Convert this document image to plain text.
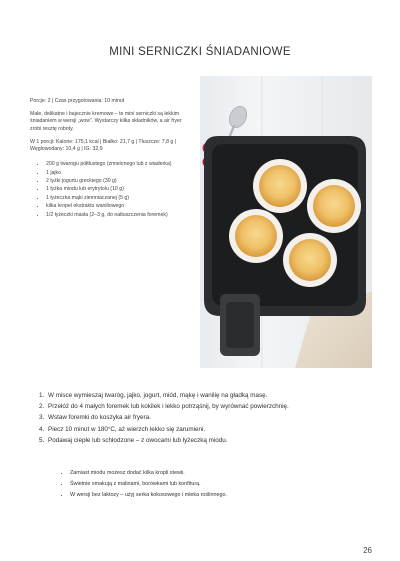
MINI SERNICZKI ŚNIADANIOWE

Porcje: 2 | Czas przygotowania: 10 minut

Małe, delikatne i bajecznie kremowe – te mini serniczki są lekkim śniadaniem w wersji „wow”. Wystarczy kilka składników, a air fryer zrobi resztę roboty.

W 1 porcji: Kalorie: 175,1 kcal | Białko: 21,7 g | Tłuszcze: 7,8 g | Węglowodany: 10,4 g | IG: 32,9

• 200 g twarogu półtłustego (zmielonego lub z wiaderka)
• 1 jajko
• 2 łyżki jogurtu greckiego (30 g)
• 1 łyżka miodu lub erytrytolu (10 g)
• 1 łyżeczka mąki ziemniaczanej (5 g)
• kilka kropel ekstraktu waniliowego
• 1/2 łyżeczki masła (2–3 g, do natłuszczenia foremek)
1. W misce wymieszaj twaróg, jajko, jogurt, miód, mąkę i wanilię na gładką masę.
2. Przełóż do 4 małych foremek lub kokilek i lekko potrząśnij, by wyrównać powierzchnię.
3. Wstaw foremki do koszyka air fryera.
4. Piecz 10 minut w 180°C, aż wierzch lekko się zarumieni.
5. Podawaj ciepłe lub schłodzone – z owocami lub łyżeczką miodu.
• Zamiast miodu możesz dodać kilka kropli stewii.
• Świetnie smakują z malinami, borówkami lub konfiturą.
• W wersji bez laktozy – użyj serka kokosowego i mleka roślinnego.
26
